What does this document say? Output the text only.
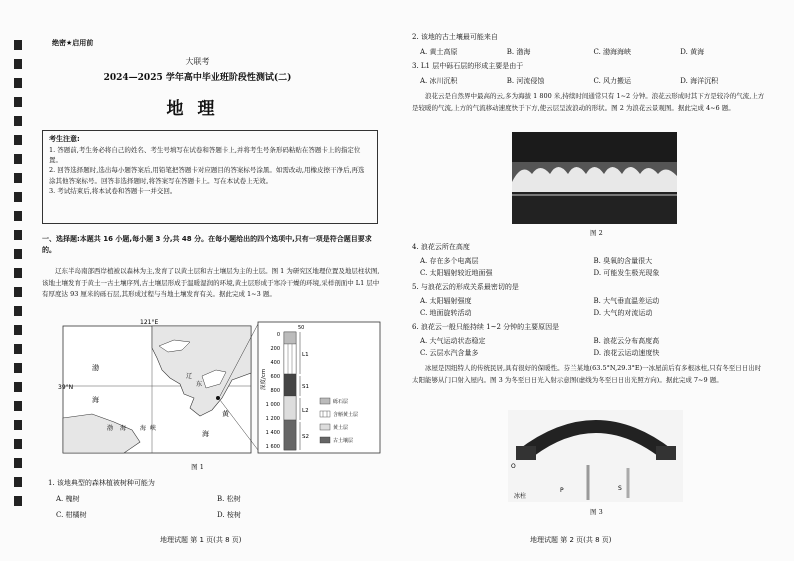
绝密★启用前
大联考
2024—2025 学年高中毕业班阶段性测试(二)
地理
考生注意:

1. 答题前,考生务必将自己的姓名、考生号填写在试卷和答题卡上,并将考生号条形码粘贴在答题卡上的指定位置。

2. 回答选择题时,选出每小题答案后,用铅笔把答题卡对应题目的答案标号涂黑。如需改动,用橡皮擦干净后,再选涂其他答案标号。回答非选择题时,将答案写在答题卡上。写在本试卷上无效。

3. 考试结束后,将本试卷和答题卡一并交回。

一、选择题:本题共 16 小题,每小题 3 分,共 48 分。在每小题给出的四个选项中,只有一项是符合题目要求的。
辽东半岛南部西岸植被以森林为主,发育了以黄土层和古土壤层为主的土层。图 1 为研究区地理位置及地层柱状图,该地土壤发育于黄土一古土壤序列,古土壤层形成于温暖湿润的环境,黄土层形成于寒冷干燥的环境,采样剖面中 L1 层中有厚度达 93 厘米的砾石层,其形成过程与当地土壤发育有关。据此完成 1~3 题。
121°E
39°N
渤
海
渤 海 海 峡
黄
海
辽
东	深度/cm
0
200
400
600
800
1 000
1 200
1 400
1 600
50
L1
S1
L2
S2
砾石层
含斛黄土层
黄土层
古土壤层
图 1
1. 该地典型的森林植被树种可能为
A. 槐树	B. 松树
C. 柑橘树	D. 桉树
地理试题 第 1 页(共 8 页)
2. 该地的古土壤最可能来自
A. 黄土高原	B. 渤海	C. 渤海海峡	D. 黄海
3. L1 层中砾石层的形成主要是由于
A. 冰川沉积	B. 河流侵蚀	C. 风力搬运	D. 海洋沉积
浪花云是自然界中最高的云,多为海拔 1 800 米,持续时间通常只有 1~2 分钟。浪花云形成时其下方是较冷的气流,上方是较暖的气流,上方的气流移动速度快于下方,使云层呈波浪动的形状。图 2 为浪花云景观图。据此完成 4~6 题。
图 2
4. 浪花云所在高度
A. 存在多个电离层	B. 臭氧的含量很大
C. 太阳辐射较近地面强	D. 可能发生极光现象
5. 与浪花云的形成关系最密切的是
A. 太阳辐射强度	B. 大气垂直温差运动
C. 地面旋转活动	D. 大气的对流运动
6. 浪花云一般只能持续 1~2 分钟的主要原因是
A. 大气运动状态稳定	B. 浪花云分布高度高
C. 云层水汽含量多	D. 浪花云运动速度快
冰屋是因纽特人的传统民居,具有很好的保暖性。芬兰某地(63.5°N,29.3°E)一冰屋前后有多根冰柱,只有冬至日日出时太阳能够从门口射入屋内。图 3 为冬至日日光入射示意图(虚线为冬至日日出光照方向)。据此完成 7~9 题。
O
P	S
冰柱
图 3
地理试题 第 2 页(共 8 页)
